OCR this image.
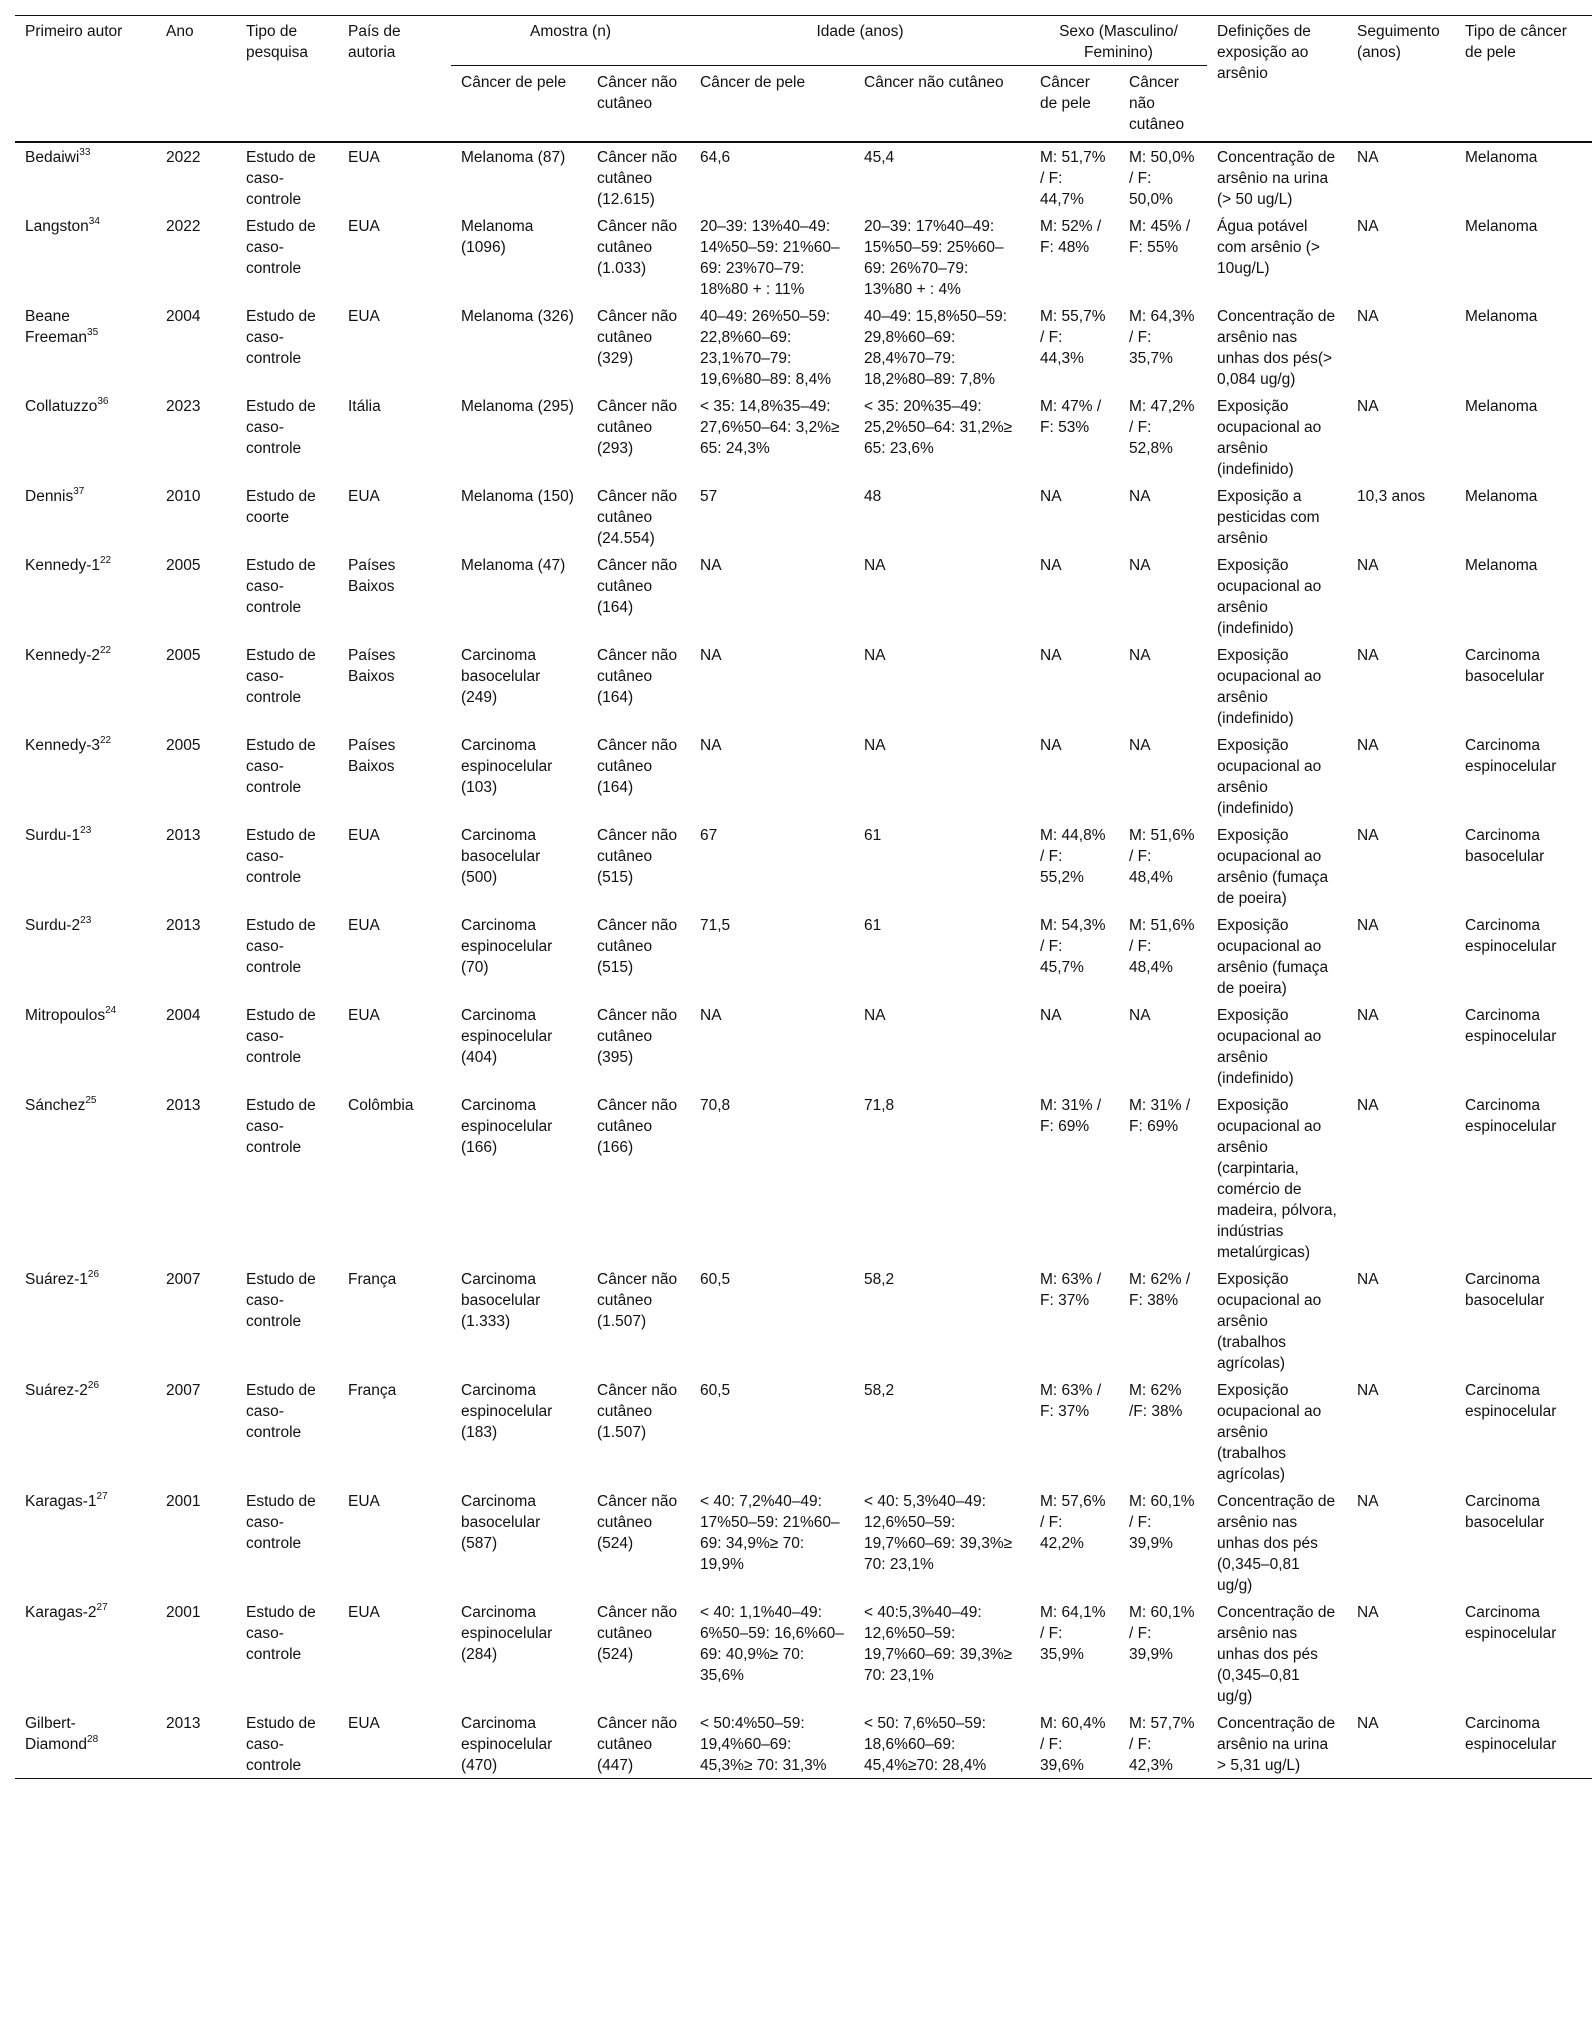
Primeiro autor	Ano	Tipo de pesquisa	País de autoria	Amostra (n)		Idade (anos)		Sexo (Masculino/ Feminino)		Definições de exposição ao arsênio	Seguimento (anos)	Tipo de câncer de pele
				Câncer de pele	Câncer não cutâneo	Câncer de pele	Câncer não cutâneo	Câncer de pele	Câncer não cutâneo			
Bedaiwi$^{33}$	2022	Estudo de caso-controle	EUA	Melanoma (87)	Câncer não cutâneo (12.615)	64,6	45,4	M: 51,7% / F: 44,7%	M: 50,0% / F: 50,0%	Concentração de arsênio na urina (> 50 ug/L)	NA	Melanoma
Langston$^{34}$	2022	Estudo de caso-controle	EUA	Melanoma (1096)	Câncer não cutâneo (1.033)	20–39: 13%40–49: 14%50–59: 21%60–69: 23%70–79: 18%80 + : 11%	20–39: 17%40–49: 15%50–59: 25%60–69: 26%70–79: 13%80 + : 4%	M: 52% / F: 48%	M: 45% / F: 55%	Água potável com arsênio (> 10ug/L)	NA	Melanoma
Beane Freeman$^{35}$	2004	Estudo de caso-controle	EUA	Melanoma (326)	Câncer não cutâneo (329)	40–49: 26%50–59: 22,8%60–69: 23,1%70–79: 19,6%80–89: 8,4%	40–49: 15,8%50–59: 29,8%60–69: 28,4%70–79: 18,2%80–89: 7,8%	M: 55,7% / F: 44,3%	M: 64,3% / F: 35,7%	Concentração de arsênio nas unhas dos pés(> 0,084 ug/g)	NA	Melanoma
Collatuzzo$^{36}$	2023	Estudo de caso-controle	Itália	Melanoma (295)	Câncer não cutâneo (293)	< 35: 14,8%35–49: 27,6%50–64: 3,2%≥ 65: 24,3%	< 35: 20%35–49: 25,2%50–64: 31,2%≥ 65: 23,6%	M: 47% / F: 53%	M: 47,2% / F: 52,8%	Exposição ocupacional ao arsênio (indefinido)	NA	Melanoma
Dennis$^{37}$	2010	Estudo de coorte	EUA	Melanoma (150)	Câncer não cutâneo (24.554)	57	48	NA	NA	Exposição a pesticidas com arsênio	10,3 anos	Melanoma
Kennedy-$1^{22}$	2005	Estudo de caso-controle	Países Baixos	Melanoma (47)	Câncer não cutâneo (164)	NA	NA	NA	NA	Exposição ocupacional ao arsênio (indefinido)	NA	Melanoma
Kennedy-$2^{22}$	2005	Estudo de caso-controle	Países Baixos	Carcinoma basocelular (249)	Câncer não cutâneo (164)	NA	NA	NA	NA	Exposição ocupacional ao arsênio (indefinido)	NA	Carcinoma basocelular
Kennedy-$3^{22}$	2005	Estudo de caso-controle	Países Baixos	Carcinoma espinocelular (103)	Câncer não cutâneo (164)	NA	NA	NA	NA	Exposição ocupacional ao arsênio (indefinido)	NA	Carcinoma espinocelular
Surdu-$1^{23}$	2013	Estudo de caso-controle	EUA	Carcinoma basocelular (500)	Câncer não cutâneo (515)	67	61	M: 44,8% / F: 55,2%	M: 51,6% / F: 48,4%	Exposição ocupacional ao arsênio (fumaça de poeira)	NA	Carcinoma basocelular
Surdu-$2^{23}$	2013	Estudo de caso-controle	EUA	Carcinoma espinocelular (70)	Câncer não cutâneo (515)	71,5	61	M: 54,3% / F: 45,7%	M: 51,6% / F: 48,4%	Exposição ocupacional ao arsênio (fumaça de poeira)	NA	Carcinoma espinocelular
Mitropoulos$^{24}$	2004	Estudo de caso-controle	EUA	Carcinoma espinocelular (404)	Câncer não cutâneo (395)	NA	NA	NA	NA	Exposição ocupacional ao arsênio (indefinido)	NA	Carcinoma espinocelular
Sánchez$^{25}$	2013	Estudo de caso-controle	Colômbia	Carcinoma espinocelular (166)	Câncer não cutâneo (166)	70,8	71,8	M: 31% / F: 69%	M: 31% / F: 69%	Exposição ocupacional ao arsênio (carpintaria, comércio de madeira, pólvora, indústrias metalúrgicas)	NA	Carcinoma espinocelular
Suárez-$1^{26}$	2007	Estudo de caso-controle	França	Carcinoma basocelular (1.333)	Câncer não cutâneo (1.507)	60,5	58,2	M: 63% / F: 37%	M: 62% / F: 38%	Exposição ocupacional ao arsênio (trabalhos agrícolas)	NA	Carcinoma basocelular
Suárez-$2^{26}$	2007	Estudo de caso-controle	França	Carcinoma espinocelular (183)	Câncer não cutâneo (1.507)	60,5	58,2	M: 63% / F: 37%	M: 62% /F: 38%	Exposição ocupacional ao arsênio (trabalhos agrícolas)	NA	Carcinoma espinocelular
Karagas-$1^{27}$	2001	Estudo de caso-controle	EUA	Carcinoma basocelular (587)	Câncer não cutâneo (524)	< 40: 7,2%40–49: 17%50–59: 21%60–69: 34,9%≥ 70: 19,9%	< 40: 5,3%40–49: 12,6%50–59: 19,7%60–69: 39,3%≥ 70: 23,1%	M: 57,6% / F: 42,2%	M: 60,1% / F: 39,9%	Concentração de arsênio nas unhas dos pés (0,345–0,81 ug/g)	NA	Carcinoma basocelular
Karagas-$2^{27}$	2001	Estudo de caso-controle	EUA	Carcinoma espinocelular (284)	Câncer não cutâneo (524)	< 40: 1,1%40–49: 6%50–59: 16,6%60–69: 40,9%≥ 70: 35,6%	< 40:5,3%40–49: 12,6%50–59: 19,7%60–69: 39,3%≥ 70: 23,1%	M: 64,1% / F: 35,9%	M: 60,1% / F: 39,9%	Concentração de arsênio nas unhas dos pés (0,345–0,81 ug/g)	NA	Carcinoma espinocelular
Gilbert-Diamond$^{28}$	2013	Estudo de caso-controle	EUA	Carcinoma espinocelular (470)	Câncer não cutâneo (447)	< 50:4%50–59: 19,4%60–69: 45,3%≥ 70: 31,3%	< 50: 7,6%50–59: 18,6%60–69: 45,4%≥70: 28,4%	M: 60,4% / F: 39,6%	M: 57,7% / F: 42,3%	Concentração de arsênio na urina > 5,31 ug/L)	NA	Carcinoma espinocelular
